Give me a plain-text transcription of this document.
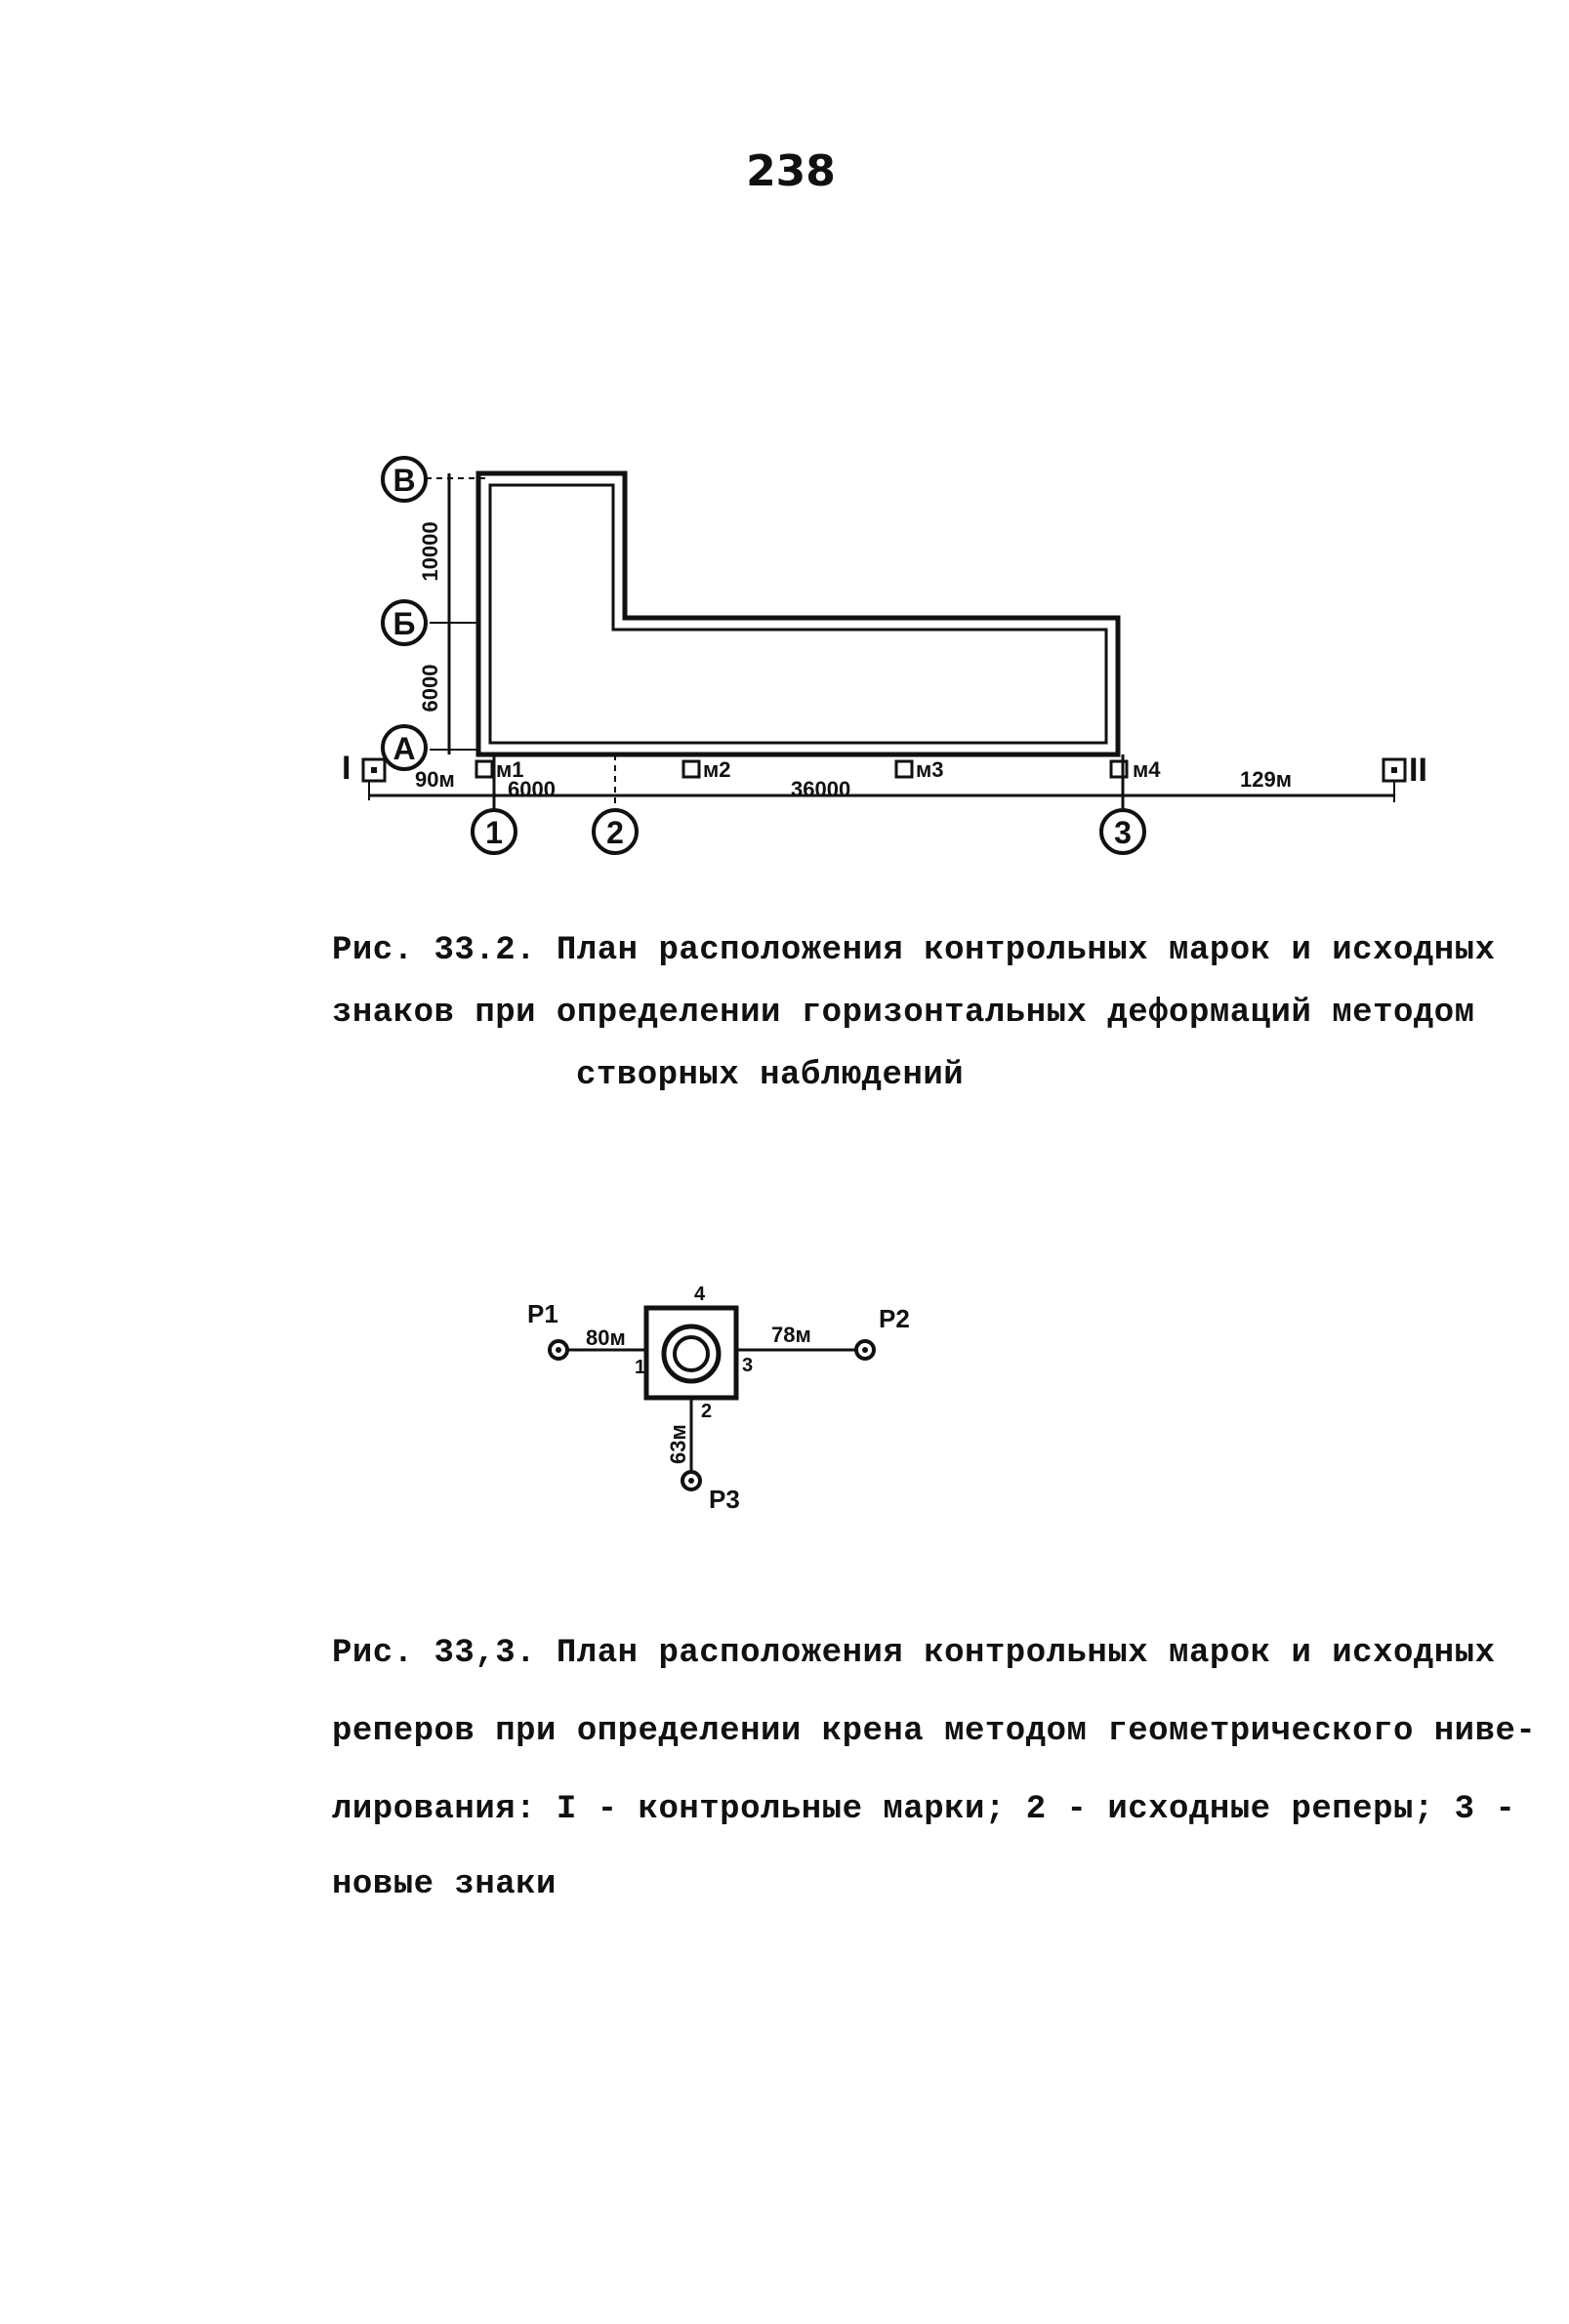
238
10000
6000
В
Б
А
I	90м	II
129м
м1	м2	м3	м4
6000	36000
1	2	3
P1	P2
P3
80м	78м
63м
1
2
3
4
Рис. 33.2. План расположения контрольных марок и исходных
знаков при определении горизонтальных деформаций методом
створных наблюдений
Рис. 33,3. План расположения контрольных марок и исходных
реперов при определении крена методом геометрического ниве-
лирования: I - контрольные марки; 2 - исходные реперы; 3 -
новые знаки
